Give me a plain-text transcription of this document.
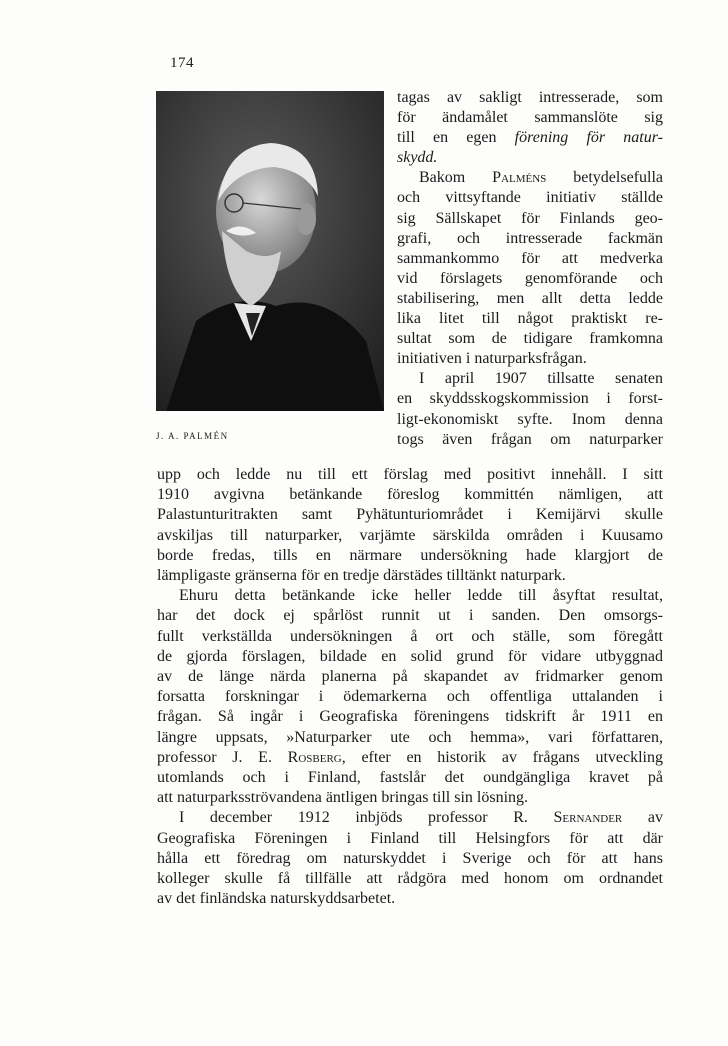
174
J. A. PALMÉN
tagas av sakligt intresserade, som
för ändamålet sammanslöte sig
till en egen förening för natur-
skydd.
Bakom Palméns betydelsefulla
och vittsyftande initiativ ställde
sig Sällskapet för Finlands geo-
grafi, och intresserade fackmän
sammankommo för att medverka
vid förslagets genomförande och
stabilisering, men allt detta ledde
lika litet till något praktiskt re-
sultat som de tidigare framkomna
initiativen i naturparksfrågan.
I april 1907 tillsatte senaten
en skyddsskogskommission i forst-
ligt-ekonomiskt syfte. Inom denna
togs även frågan om naturparker
upp och ledde nu till ett förslag med positivt innehåll. I sitt
1910 avgivna betänkande föreslog kommittén nämligen, att
Palastunturitrakten samt Pyhätunturiområdet i Kemijärvi skulle
avskiljas till naturparker, varjämte särskilda områden i Kuusamo
borde fredas, tills en närmare undersökning hade klargjort de
lämpligaste gränserna för en tredje därstädes tilltänkt naturpark.
Ehuru detta betänkande icke heller ledde till åsyftat resultat,
har det dock ej spårlöst runnit ut i sanden. Den omsorgs-
fullt verkställda undersökningen å ort och ställe, som föregått
de gjorda förslagen, bildade en solid grund för vidare utbyggnad
av de länge närda planerna på skapandet av fridmarker genom
forsatta forskningar i ödemarkerna och offentliga uttalanden i
frågan. Så ingår i Geografiska föreningens tidskrift år 1911 en
längre uppsats, »Naturparker ute och hemma», vari författaren,
professor J. E. Rosberg, efter en historik av frågans utveckling
utomlands och i Finland, fastslår det oundgängliga kravet på
att naturparksströvandena äntligen bringas till sin lösning.
I december 1912 inbjöds professor R. Sernander av
Geografiska Föreningen i Finland till Helsingfors för att där
hålla ett föredrag om naturskyddet i Sverige och för att hans
kolleger skulle få tillfälle att rådgöra med honom om ordnandet
av det finländska naturskyddsarbetet.
